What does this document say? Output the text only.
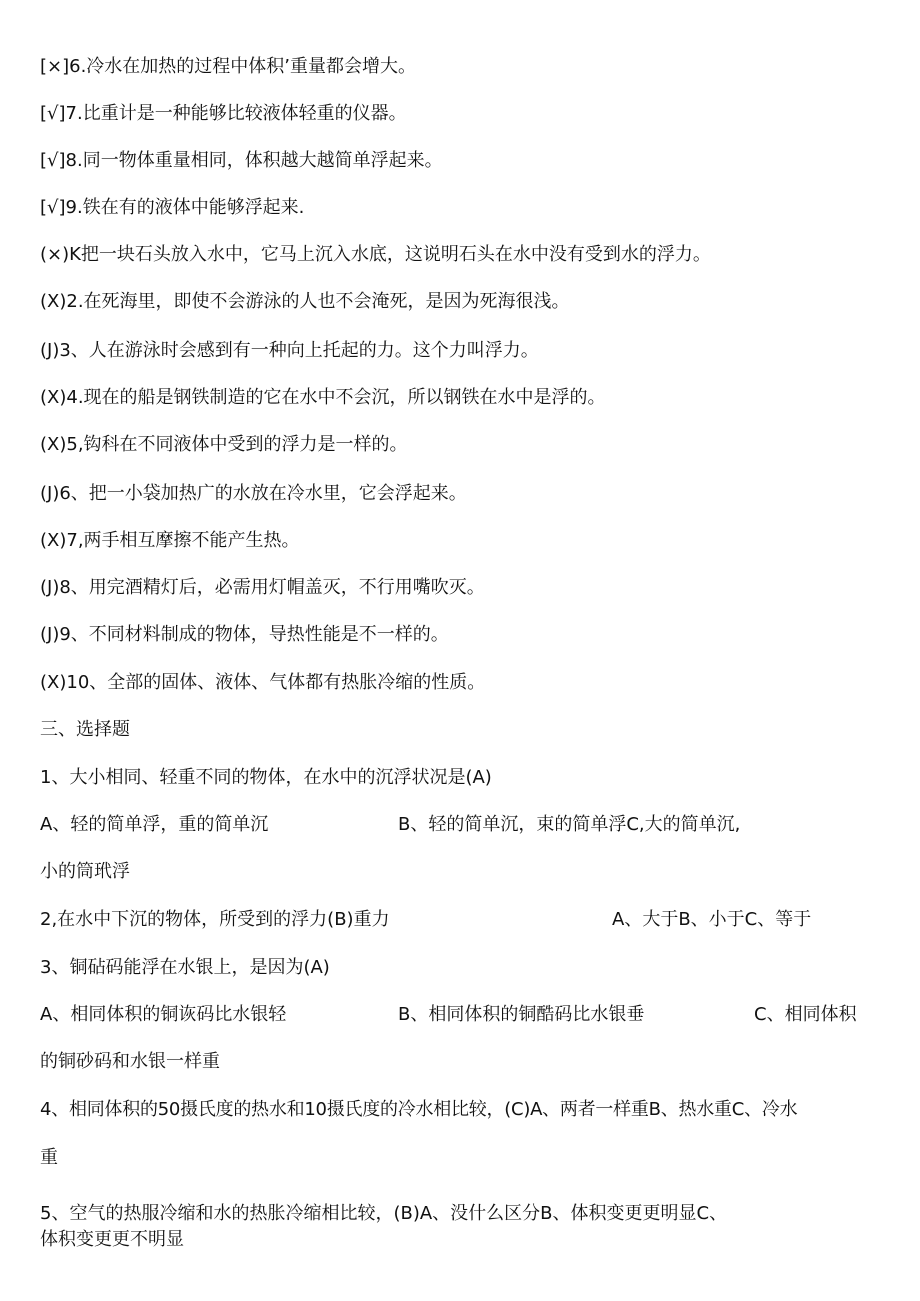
[×]6.冷水在加热的过程中体积’重量都会增大。
[√]7.比重计是一种能够比较液体轻重的仪器。
[√]8.同一物体重量相同，体积越大越简单浮起来。
[√]9.铁在有的液体中能够浮起来.
(×)K把一块石头放入水中，它马上沉入水底，这说明石头在水中没有受到水的浮力。
(X)2.在死海里，即使不会游泳的人也不会淹死，是因为死海很浅。
(J)3、人在游泳时会感到有一种向上托起的力。这个力叫浮力。
(X)4.现在的船是钢铁制造的它在水中不会沉，所以钢铁在水中是浮的。
(X)5,钩科在不同液体中受到的浮力是一样的。
(J)6、把一小袋加热广的水放在冷水里，它会浮起来。
(X)7,两手相互摩擦不能产生热。
(J)8、用完酒精灯后，必需用灯帽盖灭，不行用嘴吹灭。
(J)9、不同材料制成的物体，导热性能是不一样的。
(X)10、全部的固体、液体、气体都有热胀冷缩的性质。
三、选择题
1、大小相同、轻重不同的物体，在水中的沉浮状况是(A)
A、轻的简单浮，重的简单沉	B、轻的简单沉，束的简单浮C,大的简单沉,
小的筒玳浮
2,在水中下沉的物体，所受到的浮力(B)重力	A、大于B、小于C、等于
3、铜砧码能浮在水银上，是因为(A)
A、相同体积的铜诙码比水银轻	B、相同体积的铜酷码比水银垂	C、相同体积
的铜砂码和水银一样重
4、相同体积的50摄氏度的热水和10摄氏度的冷水相比较，(C)A、两者一样重B、热水重C、冷水
重
5、空气的热服冷缩和水的热胀冷缩相比较，(B)A、没什么区分B、体积变更更明显C、
体积变更更不明显
